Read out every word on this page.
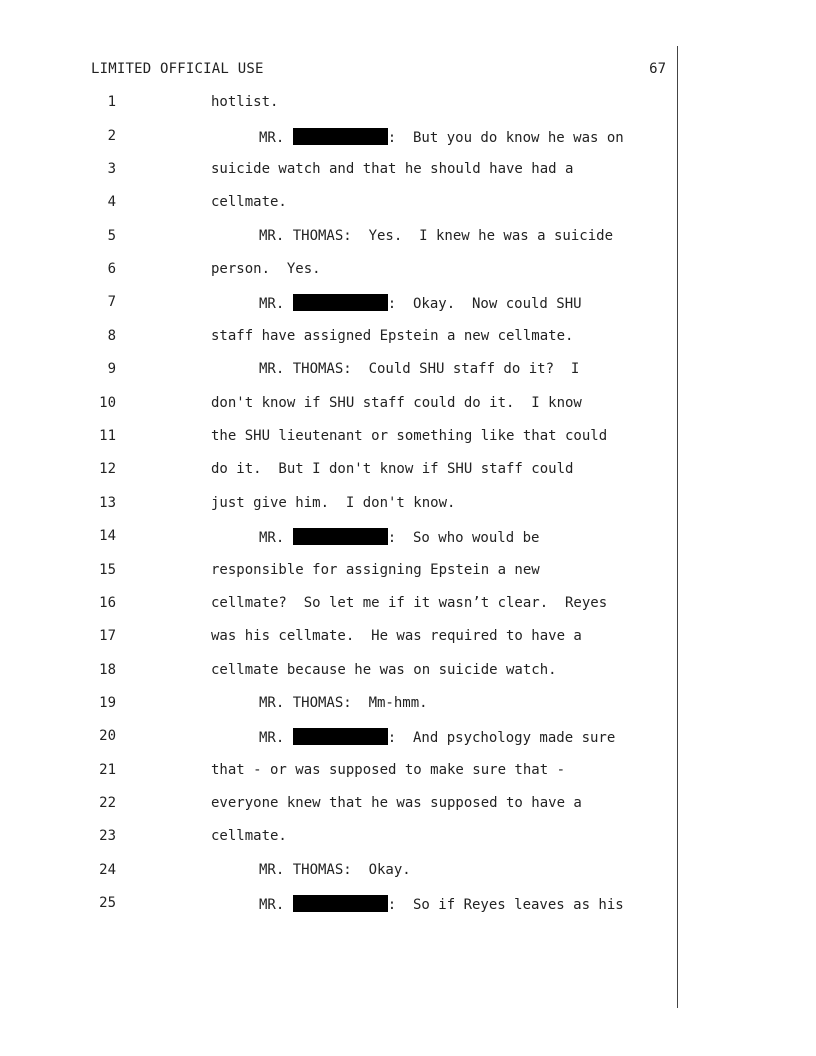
LIMITED OFFICIAL USE	67
1	hotlist.
2	MR.	:  But you do know he was on
3	suicide watch and that he should have had a
4	cellmate.
5	MR. THOMAS:  Yes.  I knew he was a suicide
6	person.  Yes.
7	MR.	:  Okay.  Now could SHU
8	staff have assigned Epstein a new cellmate.
9	MR. THOMAS:  Could SHU staff do it?  I
10	don't know if SHU staff could do it.  I know
11	the SHU lieutenant or something like that could
12	do it.  But I don't know if SHU staff could
13	just give him.  I don't know.
14	MR.	:  So who would be
15	responsible for assigning Epstein a new
16	cellmate?  So let me if it wasn’t clear.  Reyes
17	was his cellmate.  He was required to have a
18	cellmate because he was on suicide watch.
19	MR. THOMAS:  Mm-hmm.
20	MR.	:  And psychology made sure
21	that - or was supposed to make sure that -
22	everyone knew that he was supposed to have a
23	cellmate.
24	MR. THOMAS:  Okay.
25	MR.	:  So if Reyes leaves as his
